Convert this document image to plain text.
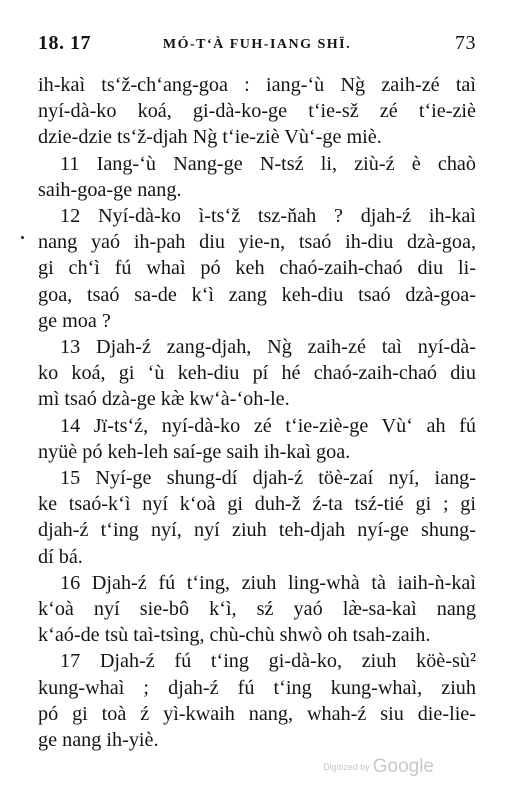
18. 17	MÓ-T‘À FUH-IANG SHÏ.	73

ih-kaì ts‘ž-ch‘ang-goa : iang-‘ù Ng̀ zaih-zé taì
nyí-dà-ko koá, gi-dà-ko-ge t‘ie-sž zé t‘ie-ziè
dzie-dzie ts‘ž-djah Ng̀ t‘ie-ziè Vù‘-ge miè.

11 Iang-‘ù Nang-ge N-tsź li, ziù-ź è chaò
saih-goa-ge nang.

12 Nyí-dà-ko ì-ts‘ž tsz-ňah ? djah-ź ih-kaì
nang yaó ih-pah diu yie-n, tsaó ih-diu dzà-goa,
gi ch‘ì fú whaì pó keh chaó-zaih-chaó diu li-
goa, tsaó sa-de k‘ì zang keh-diu tsaó dzà-goa-
ge moa ?

13 Djah-ź zang-djah, Ng̀ zaih-zé taì nyí-dà-
ko koá, gi ‘ù keh-diu pí hé chaó-zaih-chaó diu
mì tsaó dzà-ge kæ̀ kw‘à-‘oh-le.

14 Jï-ts‘ź, nyí-dà-ko zé t‘ie-ziè-ge Vù‘ ah fú
nyüè pó keh-leh saí-ge saih ih-kaì goa.

15 Nyí-ge shung-dí djah-ź töè-zaí nyí, iang-
ke tsaó-k‘ì nyí k‘oà gi duh-ž ź-ta tsź-tié gi ; gi
djah-ź t‘ing nyí, nyí ziuh teh-djah nyí-ge shung-
dí bá.

16 Djah-ź fú t‘ing, ziuh ling-whà tà iaih-ǹ-kaì
k‘oà nyí sie-bô k‘ì, sź yaó læ̀-sa-kaì nang
k‘aó-de tsù taì-tsìng, chù-chù shwò oh tsah-zaih.

17 Djah-ź fú t‘ing gi-dà-ko, ziuh köè-sù²
kung-whaì ; djah-ź fú t‘ing kung-whaì, ziuh
pó gi toà ź yì-kwaih nang, whah-ź siu die-lie-
ge nang ih-yiè.

Digitized by Google
